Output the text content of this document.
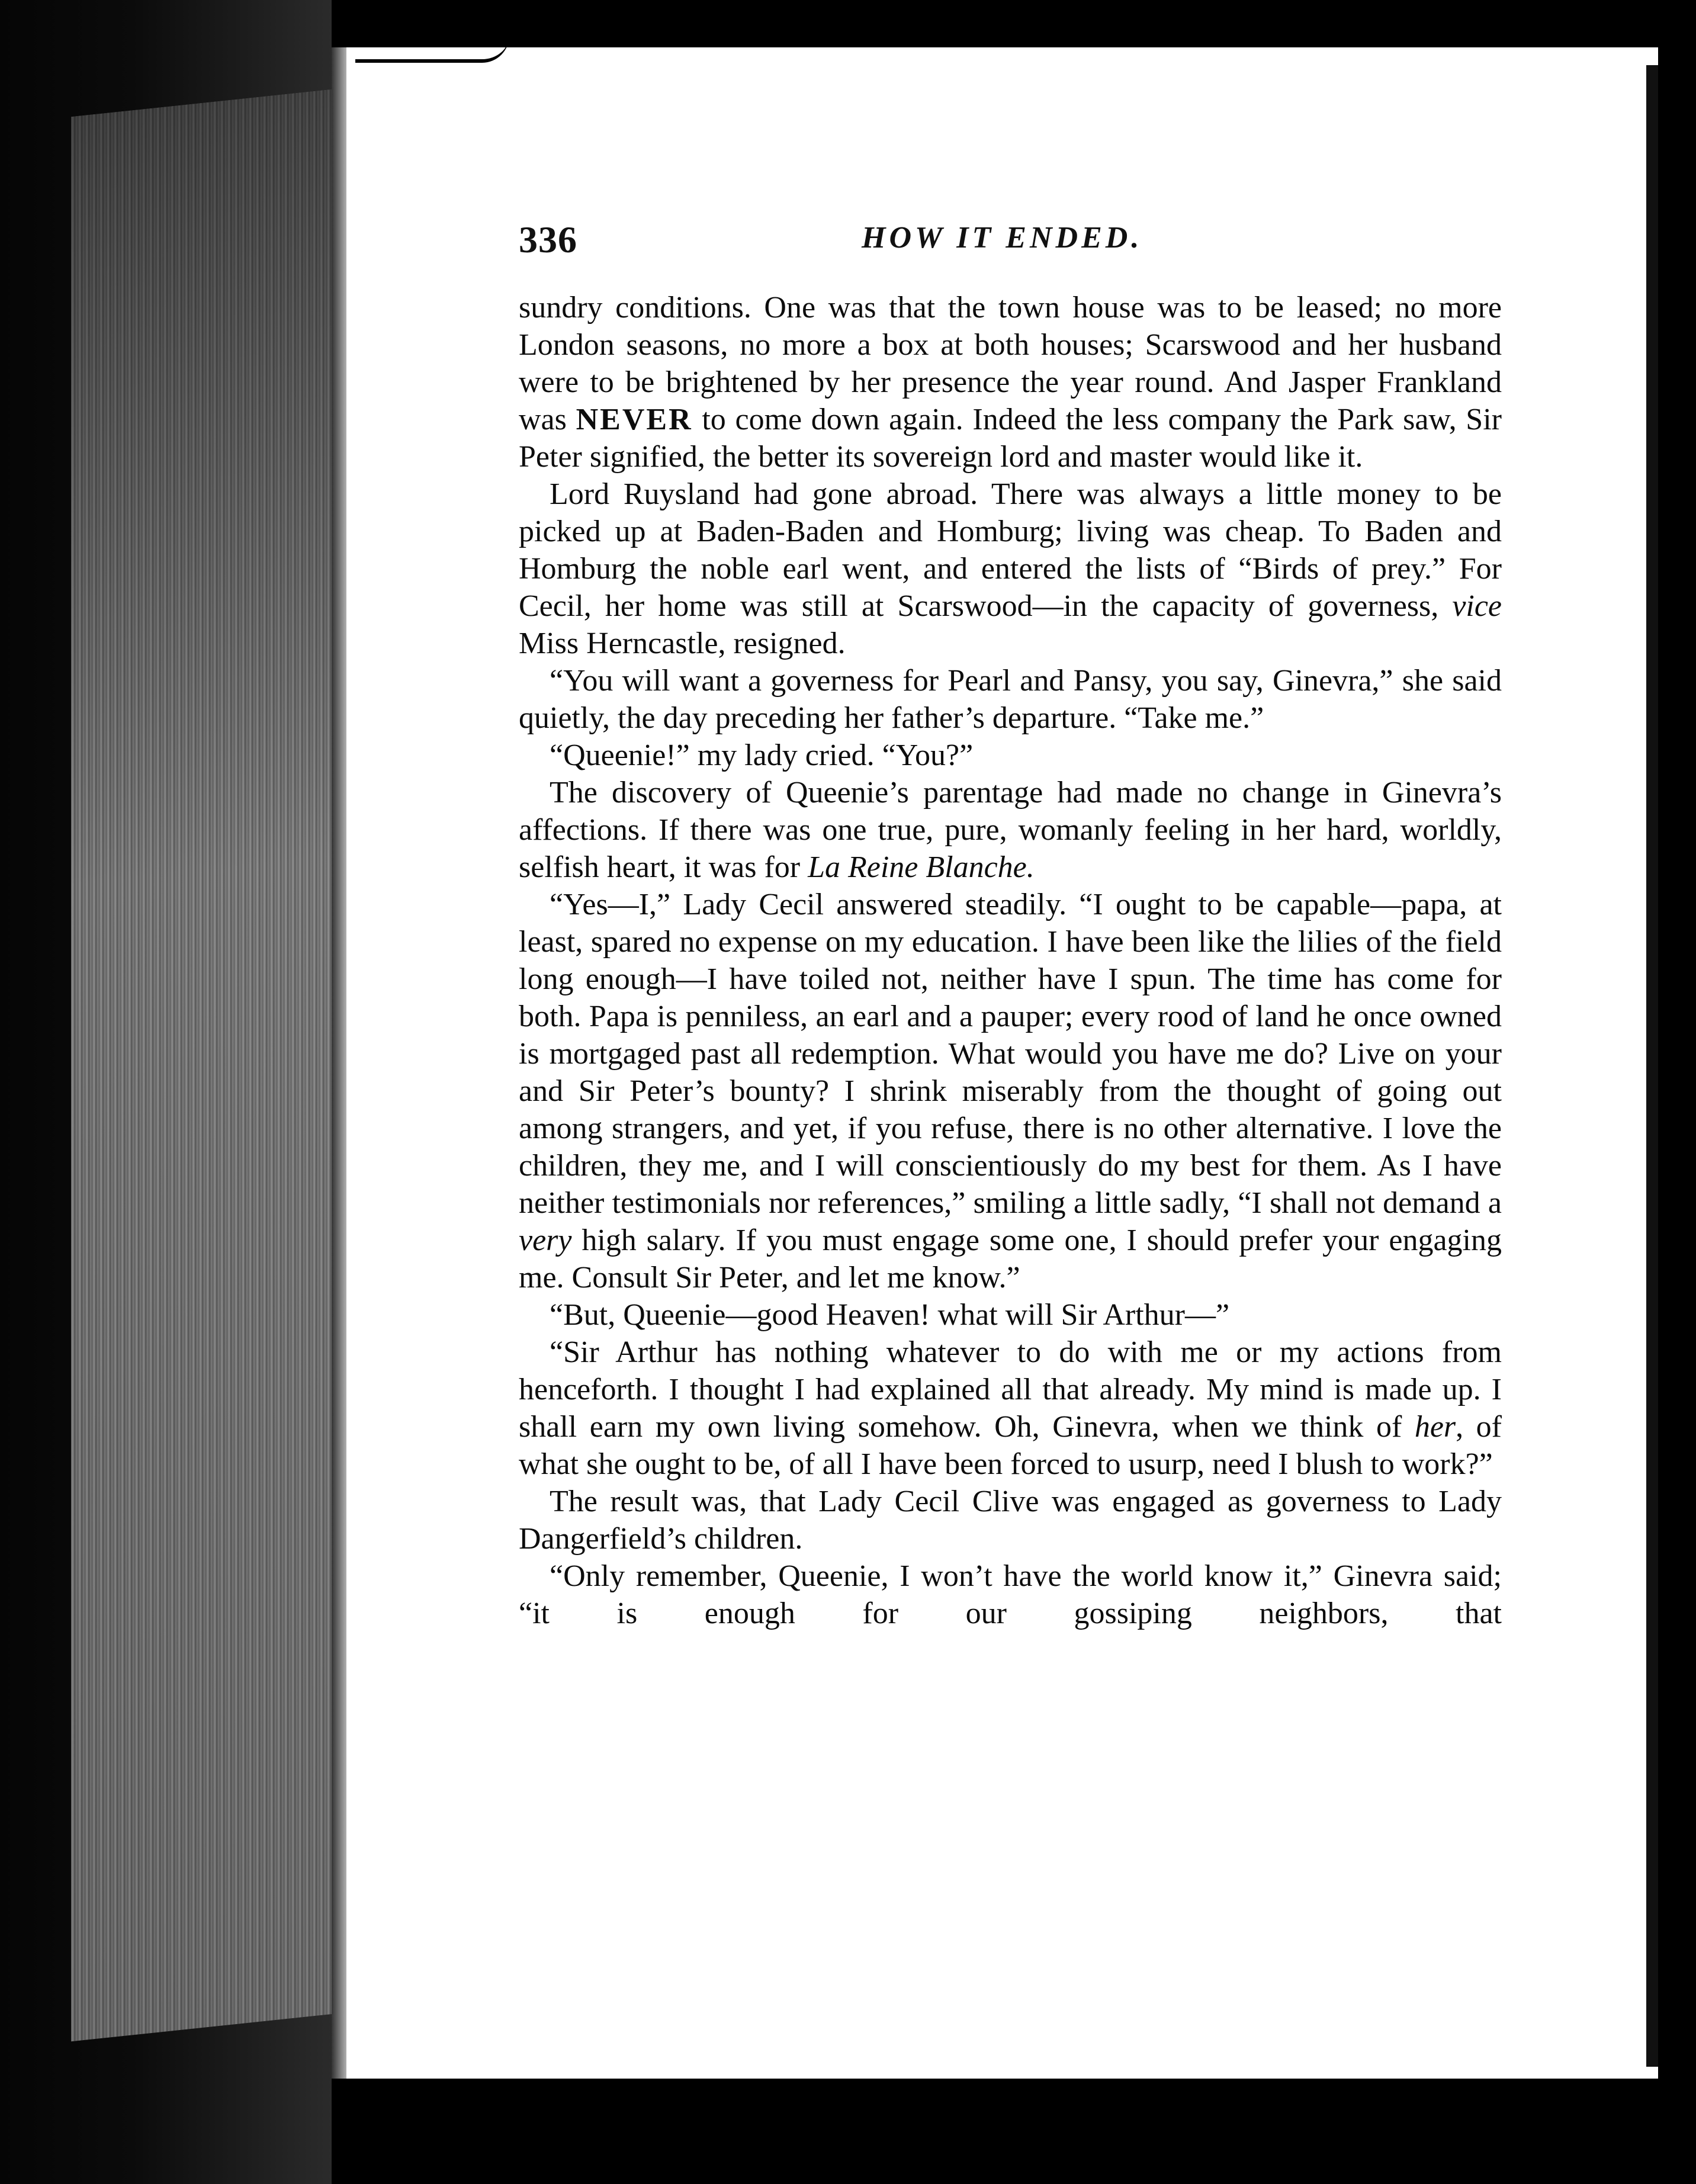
336	HOW IT ENDED.

sundry conditions. One was that the town house was to be leased; no more London seasons, no more a box at both houses; Scarswood and her husband were to be brightened by her presence the year round. And Jasper Frankland was NEVER to come down again. Indeed the less company the Park saw, Sir Peter signified, the better its sovereign lord and master would like it.

Lord Ruysland had gone abroad. There was always a little money to be picked up at Baden-Baden and Homburg; living was cheap. To Baden and Homburg the noble earl went, and entered the lists of “Birds of prey.” For Cecil, her home was still at Scarswood—in the capacity of governess, vice Miss Herncastle, resigned.

“You will want a governess for Pearl and Pansy, you say, Ginevra,” she said quietly, the day preceding her father’s departure. “Take me.”

“Queenie!” my lady cried. “You?”

The discovery of Queenie’s parentage had made no change in Ginevra’s affections. If there was one true, pure, womanly feeling in her hard, worldly, selfish heart, it was for La Reine Blanche.

“Yes—I,” Lady Cecil answered steadily. “I ought to be capable—papa, at least, spared no expense on my education. I have been like the lilies of the field long enough—I have toiled not, neither have I spun. The time has come for both. Papa is penniless, an earl and a pauper; every rood of land he once owned is mortgaged past all redemption. What would you have me do? Live on your and Sir Peter’s bounty? I shrink miserably from the thought of going out among strangers, and yet, if you refuse, there is no other alternative. I love the children, they me, and I will conscientiously do my best for them. As I have neither testimonials nor references,” smiling a little sadly, “I shall not demand a very high salary. If you must engage some one, I should prefer your engaging me. Consult Sir Peter, and let me know.”

“But, Queenie—good Heaven! what will Sir Arthur—”

“Sir Arthur has nothing whatever to do with me or my actions from henceforth. I thought I had explained all that already. My mind is made up. I shall earn my own living somehow. Oh, Ginevra, when we think of her, of what she ought to be, of all I have been forced to usurp, need I blush to work?”

The result was, that Lady Cecil Clive was engaged as governess to Lady Dangerfield’s children.

“Only remember, Queenie, I won’t have the world know it,” Ginevra said; “it is enough for our gossiping neighbors, that
